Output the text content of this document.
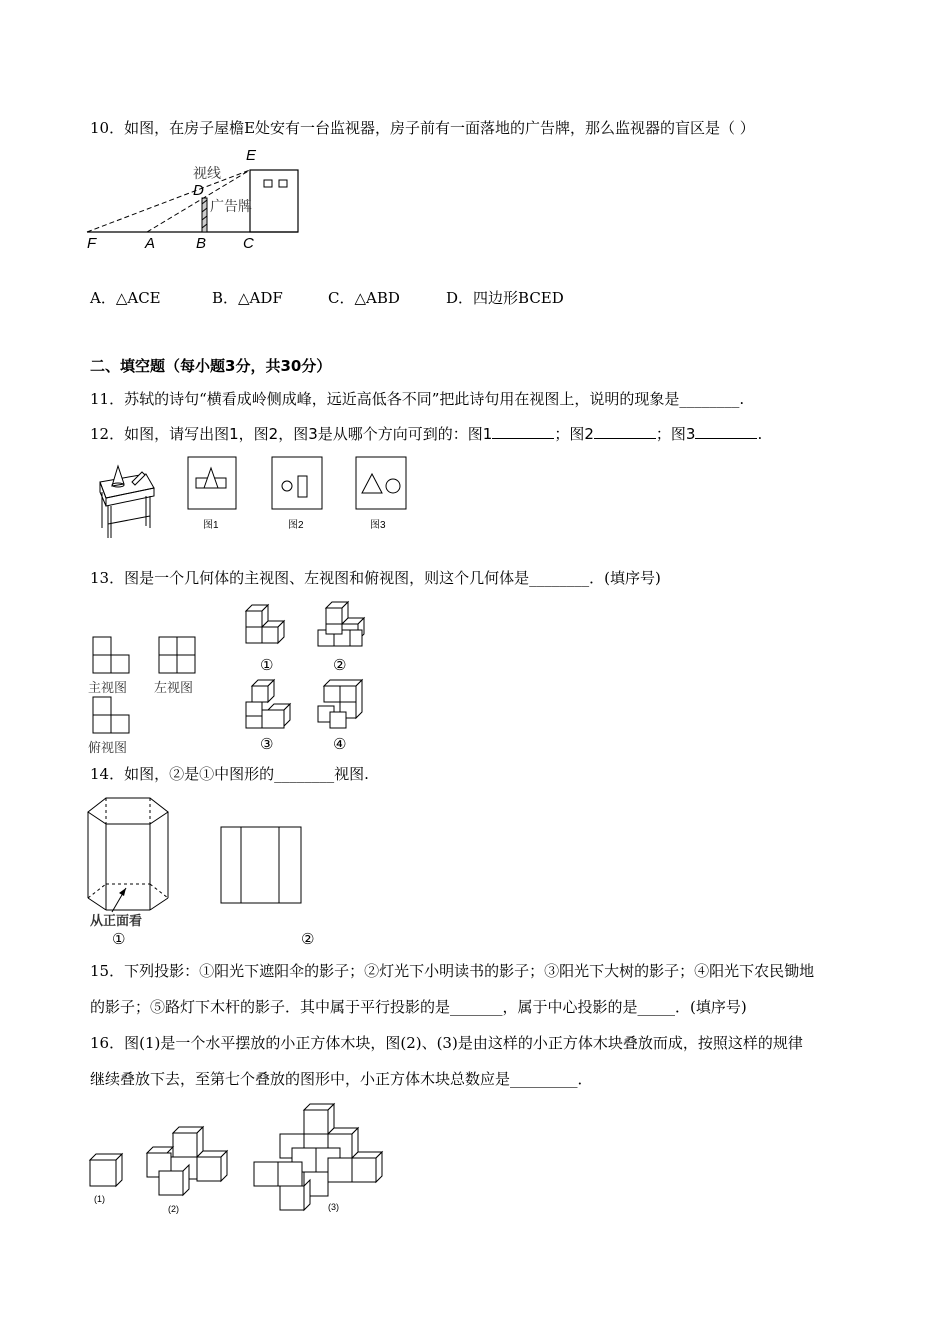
10．如图，在房子屋檐E处安有一台监视器，房子前有一面落地的广告牌，那么监视器的盲区是（ ）
视线
广告牌
E
D
F	A	B C
A．△ACE	B．△ADF	C．△ABD	D．四边形BCED
二、填空题（每小题3分，共30分）
11．苏轼的诗句“横看成岭侧成峰，远近高低各不同”把此诗句用在视图上，说明的现象是________.
12．如图，请写出图1，图2，图3是从哪个方向可到的：图1	；图2	；图3	.
图1	图2	图3
13．图是一个几何体的主视图、左视图和俯视图，则这个几何体是________．(填序号)
主视图 左视图
俯视图
①	②
③	④
14．如图，②是①中图形的________视图.
从正面看
①	②
15．下列投影：①阳光下遮阳伞的影子；②灯光下小明读书的影子；③阳光下大树的影子；④阳光下农民锄地
的影子；⑤路灯下木杆的影子．其中属于平行投影的是_______，属于中心投影的是_____．(填序号)
16．图(1)是一个水平摆放的小正方体木块，图(2)、(3)是由这样的小正方体木块叠放而成，按照这样的规律
继续叠放下去，至第七个叠放的图形中，小正方体木块总数应是_________．
(1)
(2)	(3)
